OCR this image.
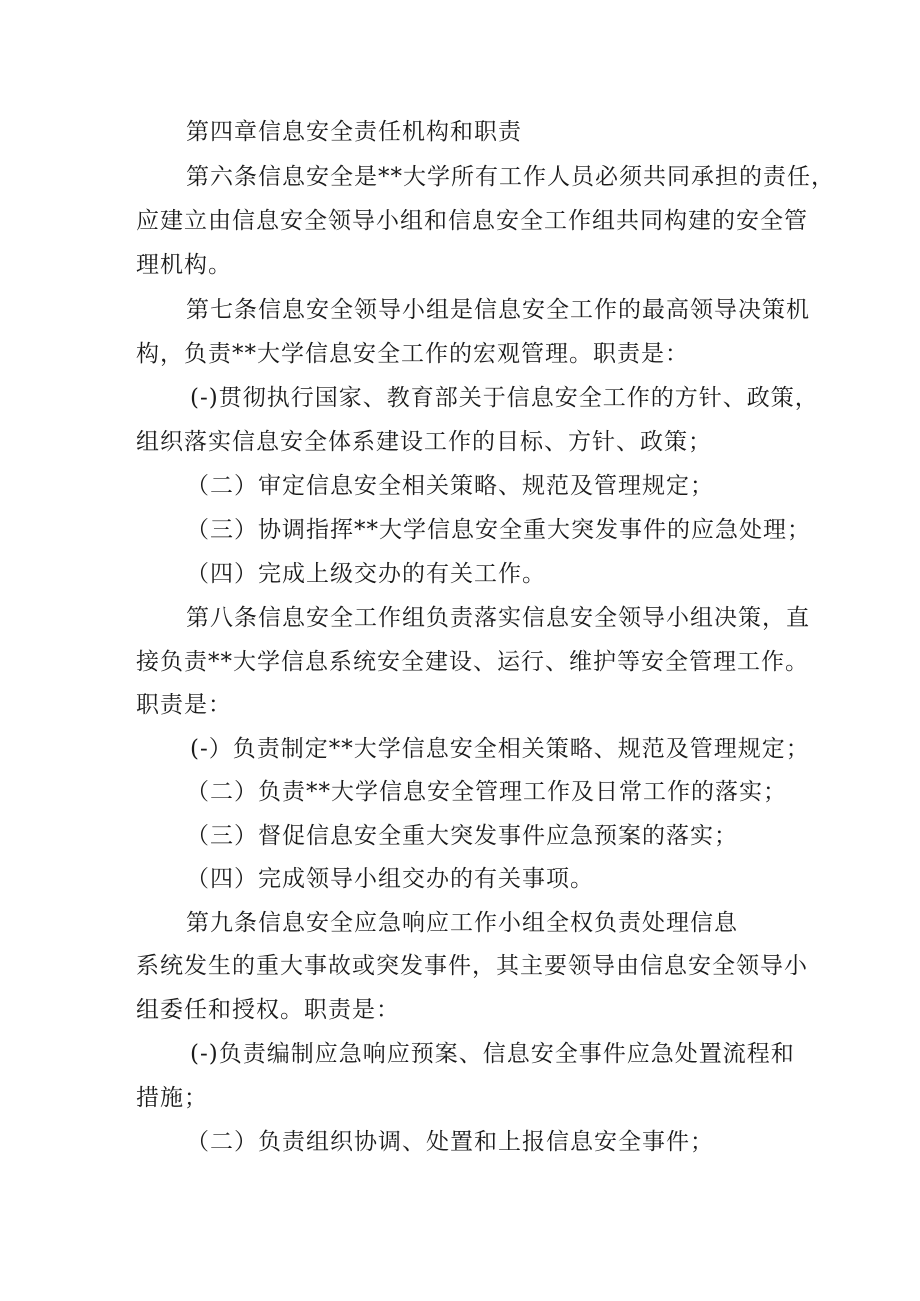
第四章信息安全责任机构和职责
第六条信息安全是**大学所有工作人员必须共同承担的责任，
应建立由信息安全领导小组和信息安全工作组共同构建的安全管
理机构。
第七条信息安全领导小组是信息安全工作的最高领导决策机
构，负责**大学信息安全工作的宏观管理。职责是：
(-)贯彻执行国家、教育部关于信息安全工作的方针、政策，
组织落实信息安全体系建设工作的目标、方针、政策；
（二）审定信息安全相关策略、规范及管理规定；
（三）协调指挥**大学信息安全重大突发事件的应急处理；
（四）完成上级交办的有关工作。
第八条信息安全工作组负责落实信息安全领导小组决策，直
接负责**大学信息系统安全建设、运行、维护等安全管理工作。
职责是：
(-）负责制定**大学信息安全相关策略、规范及管理规定；
（二）负责**大学信息安全管理工作及日常工作的落实；
（三）督促信息安全重大突发事件应急预案的落实；
（四）完成领导小组交办的有关事项。
第九条信息安全应急响应工作小组全权负责处理信息
系统发生的重大事故或突发事件，其主要领导由信息安全领导小
组委任和授权。职责是：
(-)负责编制应急响应预案、信息安全事件应急处置流程和
措施；
（二）负责组织协调、处置和上报信息安全事件；
